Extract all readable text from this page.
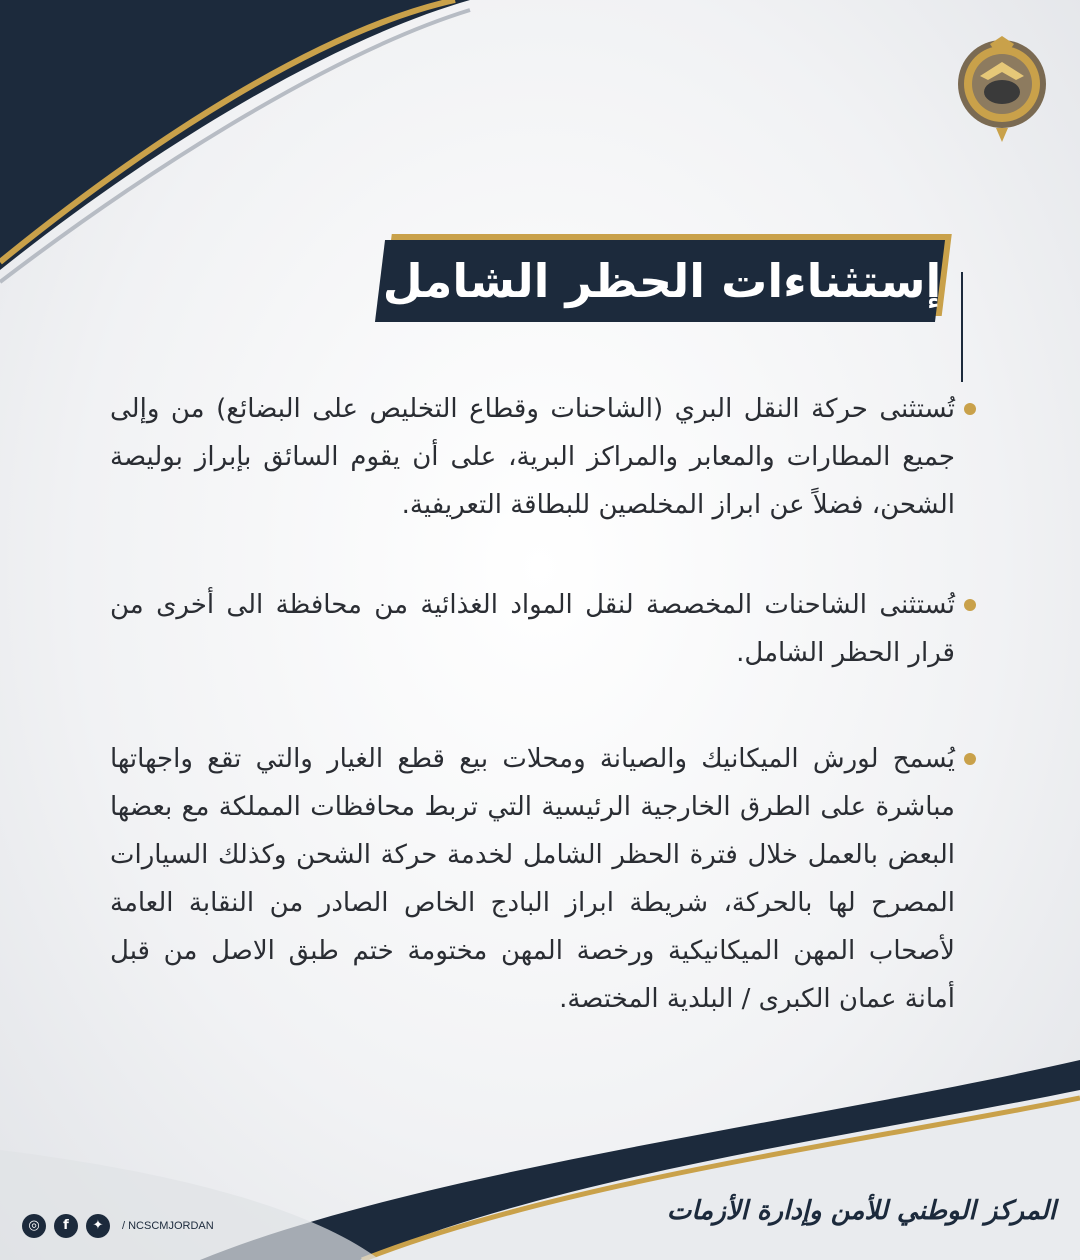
إستثناءات الحظر الشامل
تُستثنى حركة النقل البري (الشاحنات وقطاع التخليص على البضائع) من وإلى جميع المطارات والمعابر والمراكز البرية، على أن يقوم السائق بإبراز بوليصة الشحن، فضلاً عن ابراز المخلصين للبطاقة التعريفية.
تُستثنى الشاحنات المخصصة لنقل المواد الغذائية من محافظة الى أخرى من قرار الحظر الشامل.
يُسمح لورش الميكانيك والصيانة ومحلات بيع قطع الغيار والتي تقع واجهاتها مباشرة على الطرق الخارجية الرئيسية التي تربط محافظات المملكة مع بعضها البعض بالعمل خلال فترة الحظر الشامل لخدمة حركة الشحن وكذلك السيارات المصرح لها بالحركة، شريطة ابراز البادج الخاص الصادر من النقابة العامة لأصحاب المهن الميكانيكية ورخصة المهن مختومة ختم طبق الاصل من قبل أمانة عمان الكبرى / البلدية المختصة.
◎	f	✦	/ NCSCMJORDAN	المركز الوطني للأمن وإدارة الأزمات
